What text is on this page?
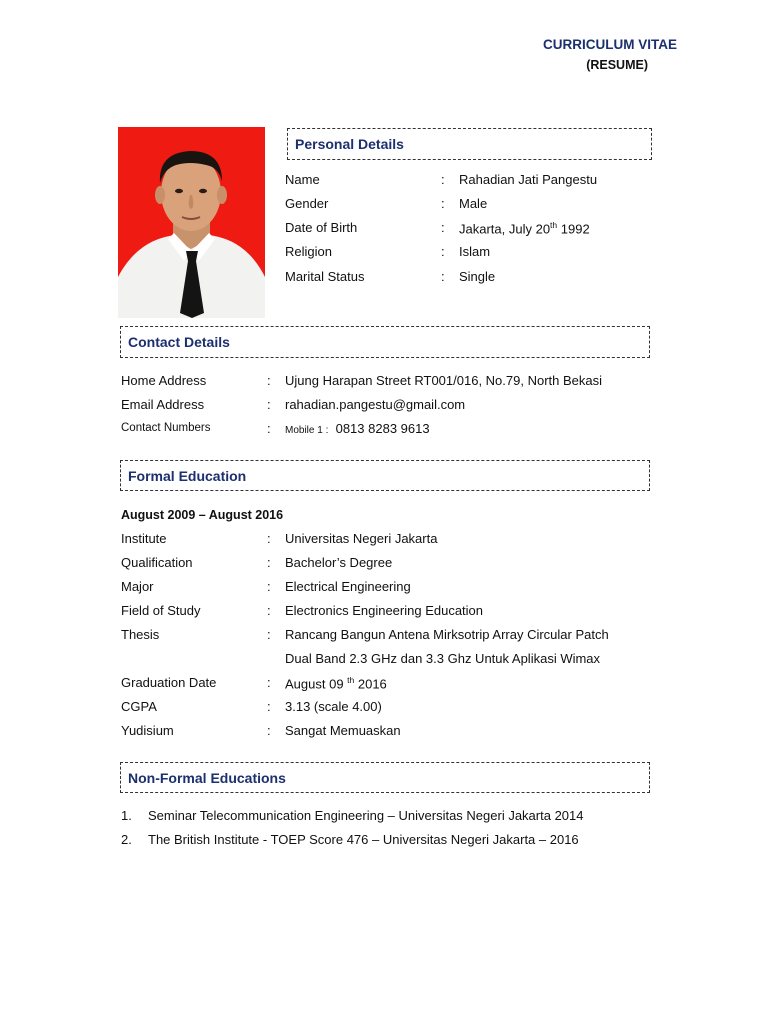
CURRICULUM VITAE
(RESUME)
Personal Details
Name	: Rahadian Jati Pangestu
Gender	: Male
Date of Birth	: Jakarta, July 20th 1992
Religion	: Islam
Marital Status	: Single
Contact Details
Home Address	: Ujung Harapan Street RT001/016, No.79, North Bekasi
Email Address	: rahadian.pangestu@gmail.com
Contact Numbers	: Mobile 1 : 0813 8283 9613
Formal Education
August 2009 – August 2016
Institute	: Universitas Negeri Jakarta
Qualification	: Bachelor’s Degree
Major	: Electrical Engineering
Field of Study	: Electronics Engineering Education
Thesis	: Rancang Bangun Antena Mirksotrip Array Circular Patch
Dual Band 2.3 GHz dan 3.3 Ghz Untuk Aplikasi Wimax
Graduation Date	: August 09 $^{th}$ 2016
CGPA	: 3.13 (scale 4.00)
Yudisium	: Sangat Memuaskan
Non-Formal Educations
1. Seminar Telecommunication Engineering – Universitas Negeri Jakarta 2014
2. The British Institute - TOEP Score 476 – Universitas Negeri Jakarta – 2016
